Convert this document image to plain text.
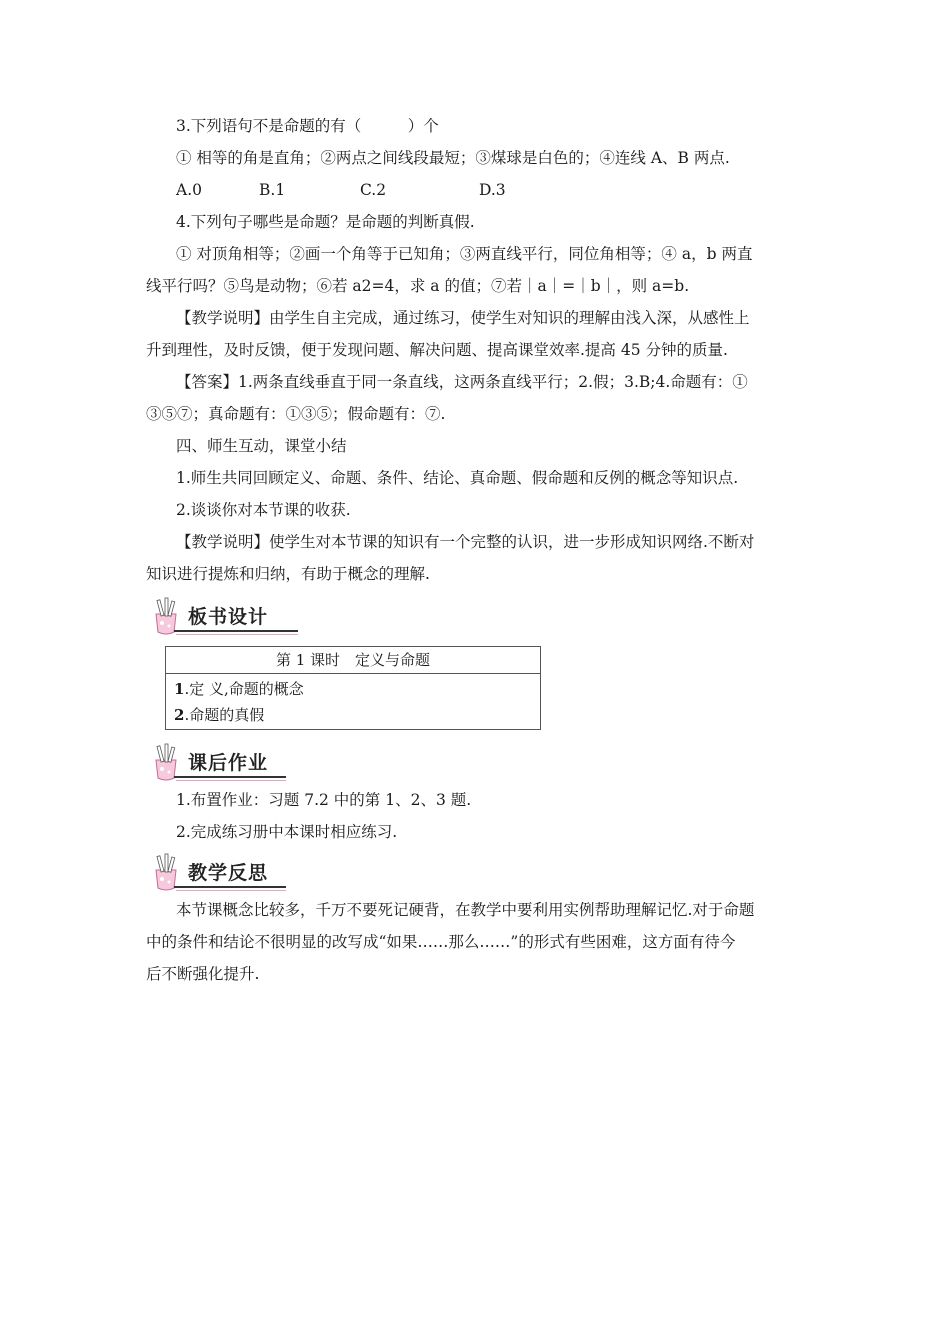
3.下列语句不是命题的有（　　　）个
① 相等的角是直角；②两点之间线段最短；③煤球是白色的；④连线 A、B 两点.
A.0	B.1	C.2	D.3
4.下列句子哪些是命题？是命题的判断真假.
① 对顶角相等；②画一个角等于已知角；③两直线平行，同位角相等；④ a，b 两直
线平行吗？⑤鸟是动物；⑥若 a2=4，求 a 的值；⑦若｜a｜=｜b｜，则 a=b.
【教学说明】由学生自主完成，通过练习，使学生对知识的理解由浅入深，从感性上
升到理性，及时反馈，便于发现问题、解决问题、提高课堂效率.提高 45 分钟的质量.
【答案】1.两条直线垂直于同一条直线，这两条直线平行；2.假；3.B;4.命题有：①
③⑤⑦；真命题有：①③⑤；假命题有：⑦.
四、师生互动，课堂小结
1.师生共同回顾定义、命题、条件、结论、真命题、假命题和反例的概念等知识点.
2.谈谈你对本节课的收获.
【教学说明】使学生对本节课的知识有一个完整的认识，进一步形成知识网络.不断对
知识进行提炼和归纳，有助于概念的理解.
板书设计
第 1 课时　定义与命题
1.定 义,命题的概念
2.命题的真假
课后作业
1.布置作业：习题 7.2 中的第 1、2、3 题.
2.完成练习册中本课时相应练习.
教学反思
本节课概念比较多，千万不要死记硬背，在教学中要利用实例帮助理解记忆.对于命题
中的条件和结论不很明显的改写成“如果……那么……”的形式有些困难，这方面有待今
后不断强化提升.
